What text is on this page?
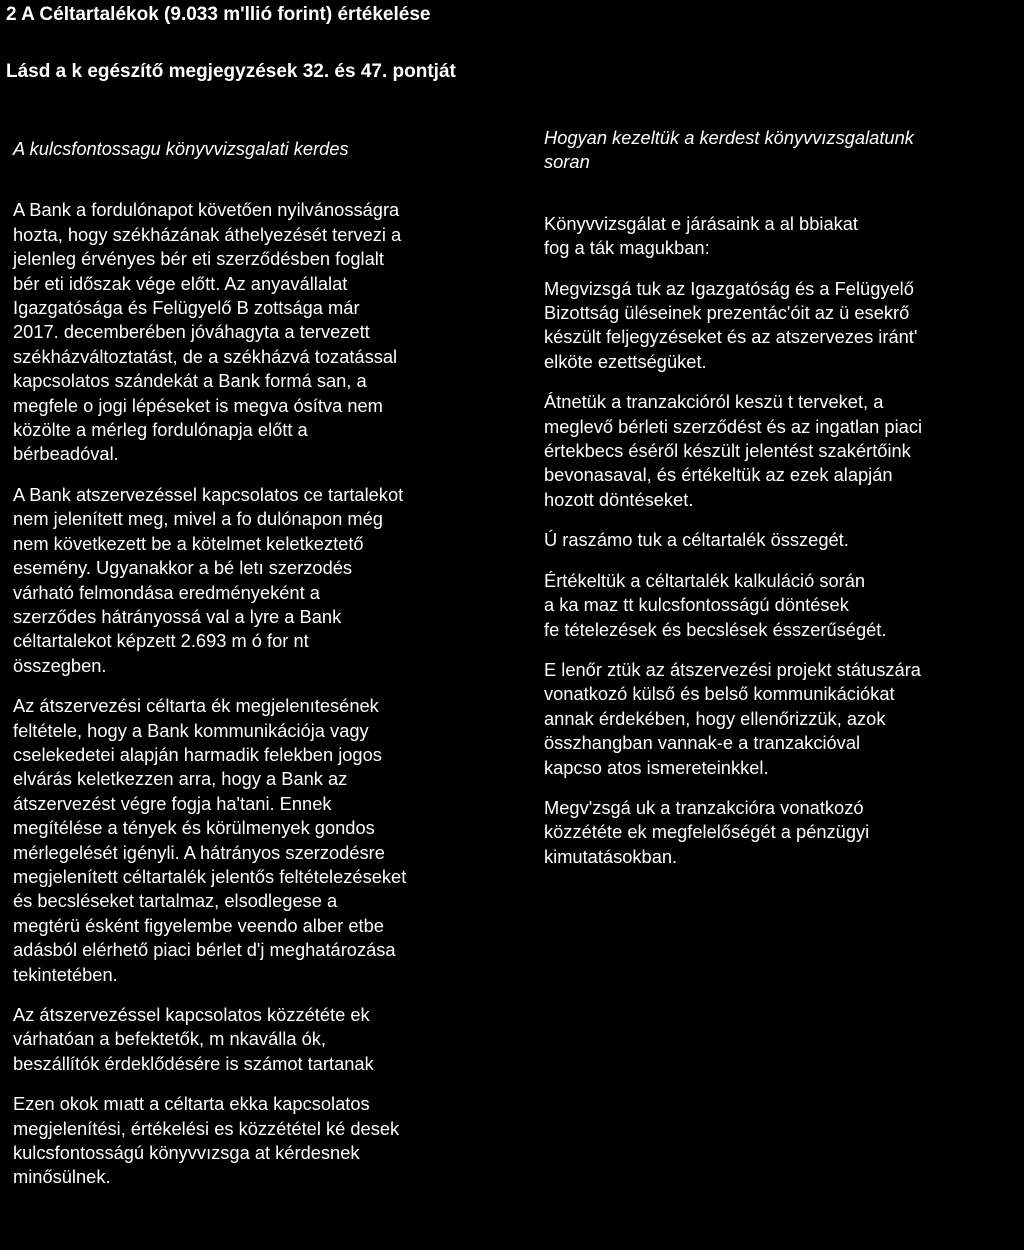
2 A Céltartalékok (9.033 m'llió forint) értékelése
Lásd a k egészítő megjegyzések 32. és 47. pontját

A kulcsfontossagu könyvvizsgalati kerdes

A Bank a fordulónapot követően nyilvánosságra
hozta, hogy székházának áthelyezését tervezi a
jelenleg érvényes bér eti szerződésben foglalt
bér eti időszak vége előtt. Az anyavállalat
Igazgatósága és Felügyelő B zottsága már
2017. decemberében jóváhagyta a tervezett
székházváltoztatást, de a székházvá tozatással
kapcsolatos szándekát a Bank formá san, a
megfele o jogi lépéseket is megva ósítva nem
közölte a mérleg fordulónapja előtt a
bérbeadóval.
A Bank atszervezéssel kapcsolatos ce tartalekot
nem jelenített meg, mivel a fo dulónapon még
nem következett be a kötelmet keletkeztető
esemény. Ugyanakkor a bé letı szerzodés
várható felmondása eredményeként a
szerződes hátrányossá val a lyre a Bank
céltartalekot képzett 2.693 m ó for nt
összegben.
Az átszervezési céltarta ék megjelenıtesének
feltétele, hogy a Bank kommunikációja vagy
cselekedetei alapján harmadik felekben jogos
elvárás keletkezzen arra, hogy a Bank az
átszervezést végre fogja ha'tani. Ennek
megítélése a tények és körülmenyek gondos
mérlegelését igényli. A hátrányos szerzodésre
megjelenített céltartalék jelentős feltételezéseket
és becsléseket tartalmaz, elsodlegese a
megtérü ésként figyelembe veendo alber etbe
adásból elérhető piaci bérlet d'j meghatározása
tekintetében.
Az átszervezéssel kapcsolatos közzététe ek
várhatóan a befektetők, m nkaválla ók,
beszállítók érdeklődésére is számot tartanak
Ezen okok mıatt a céltarta ekka kapcsolatos
megjelenítési, értékelési es közzététel ké desek
kulcsfontosságú könyvvızsga at kérdesnek
minősülnek.

Hogyan kezeltük a kerdest könyvvızsgalatunk
soran

Könyvvizsgálat e járásaink a al bbiakat
fog a ták magukban:
Megvizsgá tuk az Igazgatóság és a Felügyelő
Bizottság üléseinek prezentác'óit az ü esekrő
készült feljegyzéseket és az atszervezes iránt'
elköte ezettségüket.
Átnetük a tranzakcióról keszü t terveket, a
meglevő bérleti szerződést és az ingatlan piaci
értekbecs éséről készült jelentést szakértőink
bevonasaval, és értékeltük az ezek alapján
hozott döntéseket.
Ú raszámo tuk a céltartalék összegét.
Értékeltük a céltartalék kalkuláció során
a ka maz tt kulcsfontosságú döntések
fe tételezések és becslések ésszerűségét.
E lenőr ztük az átszervezési projekt státuszára
vonatkozó külső és belső kommunikációkat
annak érdekében, hogy ellenőrizzük, azok
összhangban vannak-e a tranzakcióval
kapcso atos ismereteinkkel.
Megv'zsgá uk a tranzakcióra vonatkozó
közzététe ek megfelelőségét a pénzügyi
kimutatásokban.
